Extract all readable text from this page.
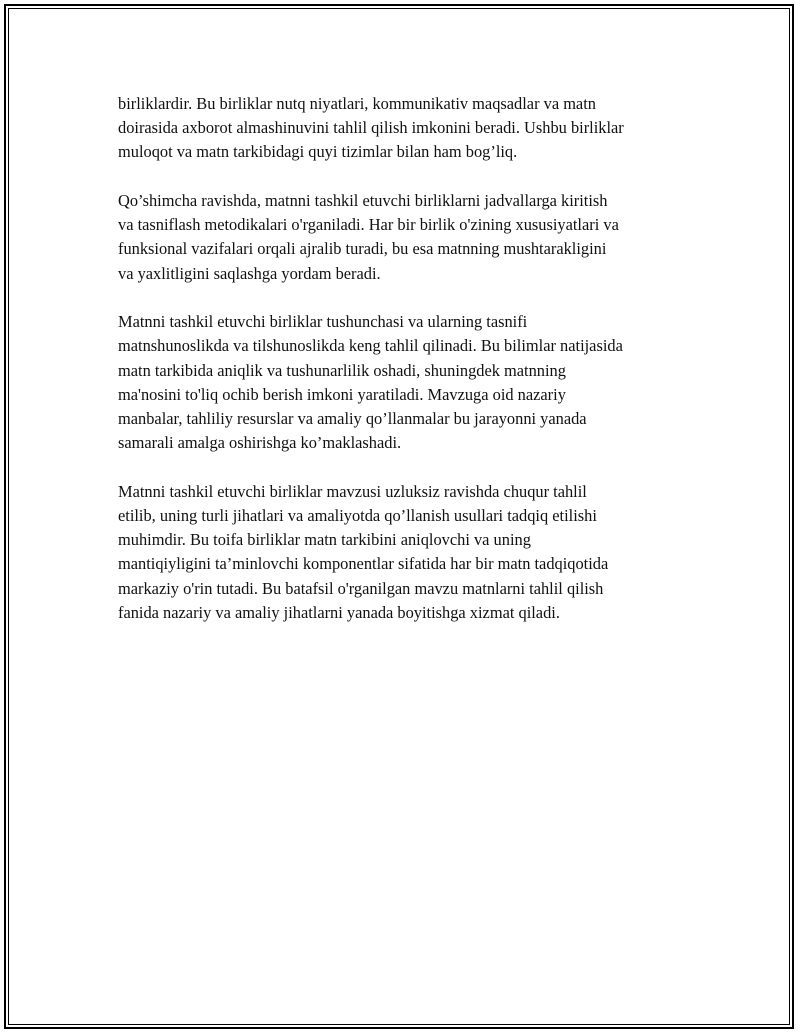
birliklardir. Bu birliklar nutq niyatlari, kommunikativ maqsadlar va matn
doirasida axborot almashinuvini tahlil qilish imkonini beradi. Ushbu birliklar
muloqot va matn tarkibidagi quyi tizimlar bilan ham bog’liq.

Qo’shimcha ravishda, matnni tashkil etuvchi birliklarni jadvallarga kiritish
va tasniflash metodikalari o'rganiladi. Har bir birlik o'zining xususiyatlari va
funksional vazifalari orqali ajralib turadi, bu esa matnning mushtarakligini
va yaxlitligini saqlashga yordam beradi.

Matnni tashkil etuvchi birliklar tushunchasi va ularning tasnifi
matnshunoslikda va tilshunoslikda keng tahlil qilinadi. Bu bilimlar natijasida
matn tarkibida aniqlik va tushunarlilik oshadi, shuningdek matnning
ma'nosini to'liq ochib berish imkoni yaratiladi. Mavzuga oid nazariy
manbalar, tahliliy resurslar va amaliy qo’llanmalar bu jarayonni yanada
samarali amalga oshirishga ko’maklashadi.

Matnni tashkil etuvchi birliklar mavzusi uzluksiz ravishda chuqur tahlil
etilib, uning turli jihatlari va amaliyotda qo’llanish usullari tadqiq etilishi
muhimdir. Bu toifa birliklar matn tarkibini aniqlovchi va uning
mantiqiyligini ta’minlovchi komponentlar sifatida har bir matn tadqiqotida
markaziy o'rin tutadi. Bu batafsil o'rganilgan mavzu matnlarni tahlil qilish
fanida nazariy va amaliy jihatlarni yanada boyitishga xizmat qiladi.
